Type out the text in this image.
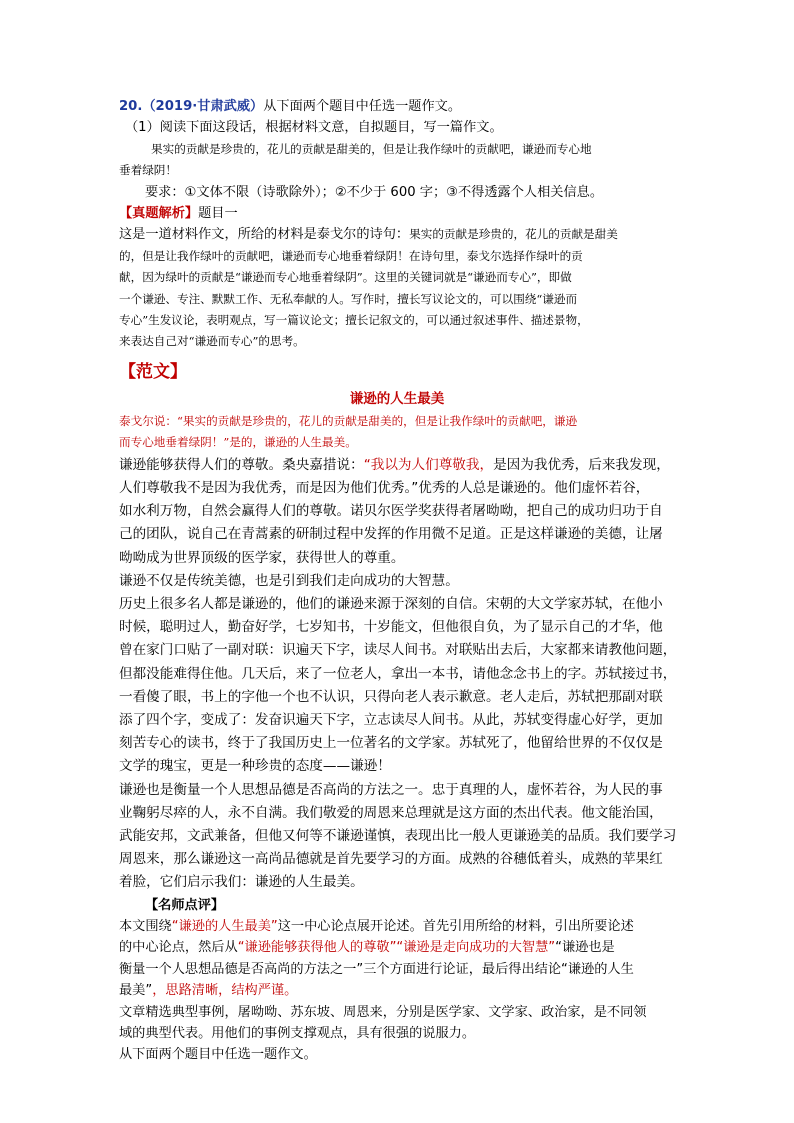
20.（2019·甘肃武威）从下面两个题目中任选一题作文。
（1）阅读下面这段话，根据材料文意，自拟题目，写一篇作文。
果实的贡献是珍贵的，花儿的贡献是甜美的，但是让我作绿叶的贡献吧，谦逊而专心地
垂着绿阴！
要求：①文体不限（诗歌除外）；②不少于 600 字；③不得透露个人相关信息。
【真题解析】题目一
这是一道材料作文，所给的材料是泰戈尔的诗句：果实的贡献是珍贵的，花儿的贡献是甜美
的，但是让我作绿叶的贡献吧，谦逊而专心地垂着绿阴！在诗句里，泰戈尔选择作绿叶的贡
献，因为绿叶的贡献是“谦逊而专心地垂着绿阴”。这里的关键词就是“谦逊而专心”，即做
一个谦逊、专注、默默工作、无私奉献的人。写作时，擅长写议论文的，可以围绕“谦逊而
专心”生发议论，表明观点，写一篇议论文；擅长记叙文的，可以通过叙述事件、描述景物，
来表达自己对“谦逊而专心”的思考。
【范文】
谦逊的人生最美
泰戈尔说：“果实的贡献是珍贵的，花儿的贡献是甜美的，但是让我作绿叶的贡献吧，谦逊
而专心地垂着绿阴！”是的，谦逊的人生最美。
谦逊能够获得人们的尊敬。桑央嘉措说：“我以为人们尊敬我，是因为我优秀，后来我发现，
人们尊敬我不是因为我优秀，而是因为他们优秀。”优秀的人总是谦逊的。他们虚怀若谷，
如水利万物，自然会赢得人们的尊敬。诺贝尔医学奖获得者屠呦呦，把自己的成功归功于自
己的团队，说自己在青蒿素的研制过程中发挥的作用微不足道。正是这样谦逊的美德，让屠
呦呦成为世界顶级的医学家，获得世人的尊重。
谦逊不仅是传统美德，也是引到我们走向成功的大智慧。
历史上很多名人都是谦逊的，他们的谦逊来源于深刻的自信。宋朝的大文学家苏轼，在他小
时候，聪明过人，勤奋好学，七岁知书，十岁能文，但他很自负，为了显示自己的才华，他
曾在家门口贴了一副对联：识遍天下字，读尽人间书。对联贴出去后，大家都来请教他问题，
但都没能难得住他。几天后，来了一位老人，拿出一本书，请他念念书上的字。苏轼接过书，
一看傻了眼，书上的字他一个也不认识，只得向老人表示歉意。老人走后，苏轼把那副对联
添了四个字，变成了：发奋识遍天下字，立志读尽人间书。从此，苏轼变得虚心好学，更加
刻苦专心的读书，终于了我国历史上一位著名的文学家。苏轼死了，他留给世界的不仅仅是
文学的瑰宝，更是一种珍贵的态度——谦逊！
谦逊也是衡量一个人思想品德是否高尚的方法之一。忠于真理的人，虚怀若谷，为人民的事
业鞠躬尽瘁的人，永不自满。我们敬爱的周恩来总理就是这方面的杰出代表。他文能治国，
武能安邦，文武兼备，但他又何等不谦逊谨慎，表现出比一般人更谦逊美的品质。我们要学习
周恩来，那么谦逊这一高尚品德就是首先要学习的方面。成熟的谷穗低着头，成熟的苹果红
着脸，它们启示我们：谦逊的人生最美。
【名师点评】
本文围绕“谦逊的人生最美”这一中心论点展开论述。首先引用所给的材料，引出所要论述
的中心论点，然后从“谦逊能够获得他人的尊敬”“谦逊是走向成功的大智慧”“谦逊也是
衡量一个人思想品德是否高尚的方法之一”三个方面进行论证，最后得出结论“谦逊的人生
最美”，思路清晰，结构严谨。
文章精选典型事例，屠呦呦、苏东坡、周恩来，分别是医学家、文学家、政治家，是不同领
域的典型代表。用他们的事例支撑观点，具有很强的说服力。
从下面两个题目中任选一题作文。
